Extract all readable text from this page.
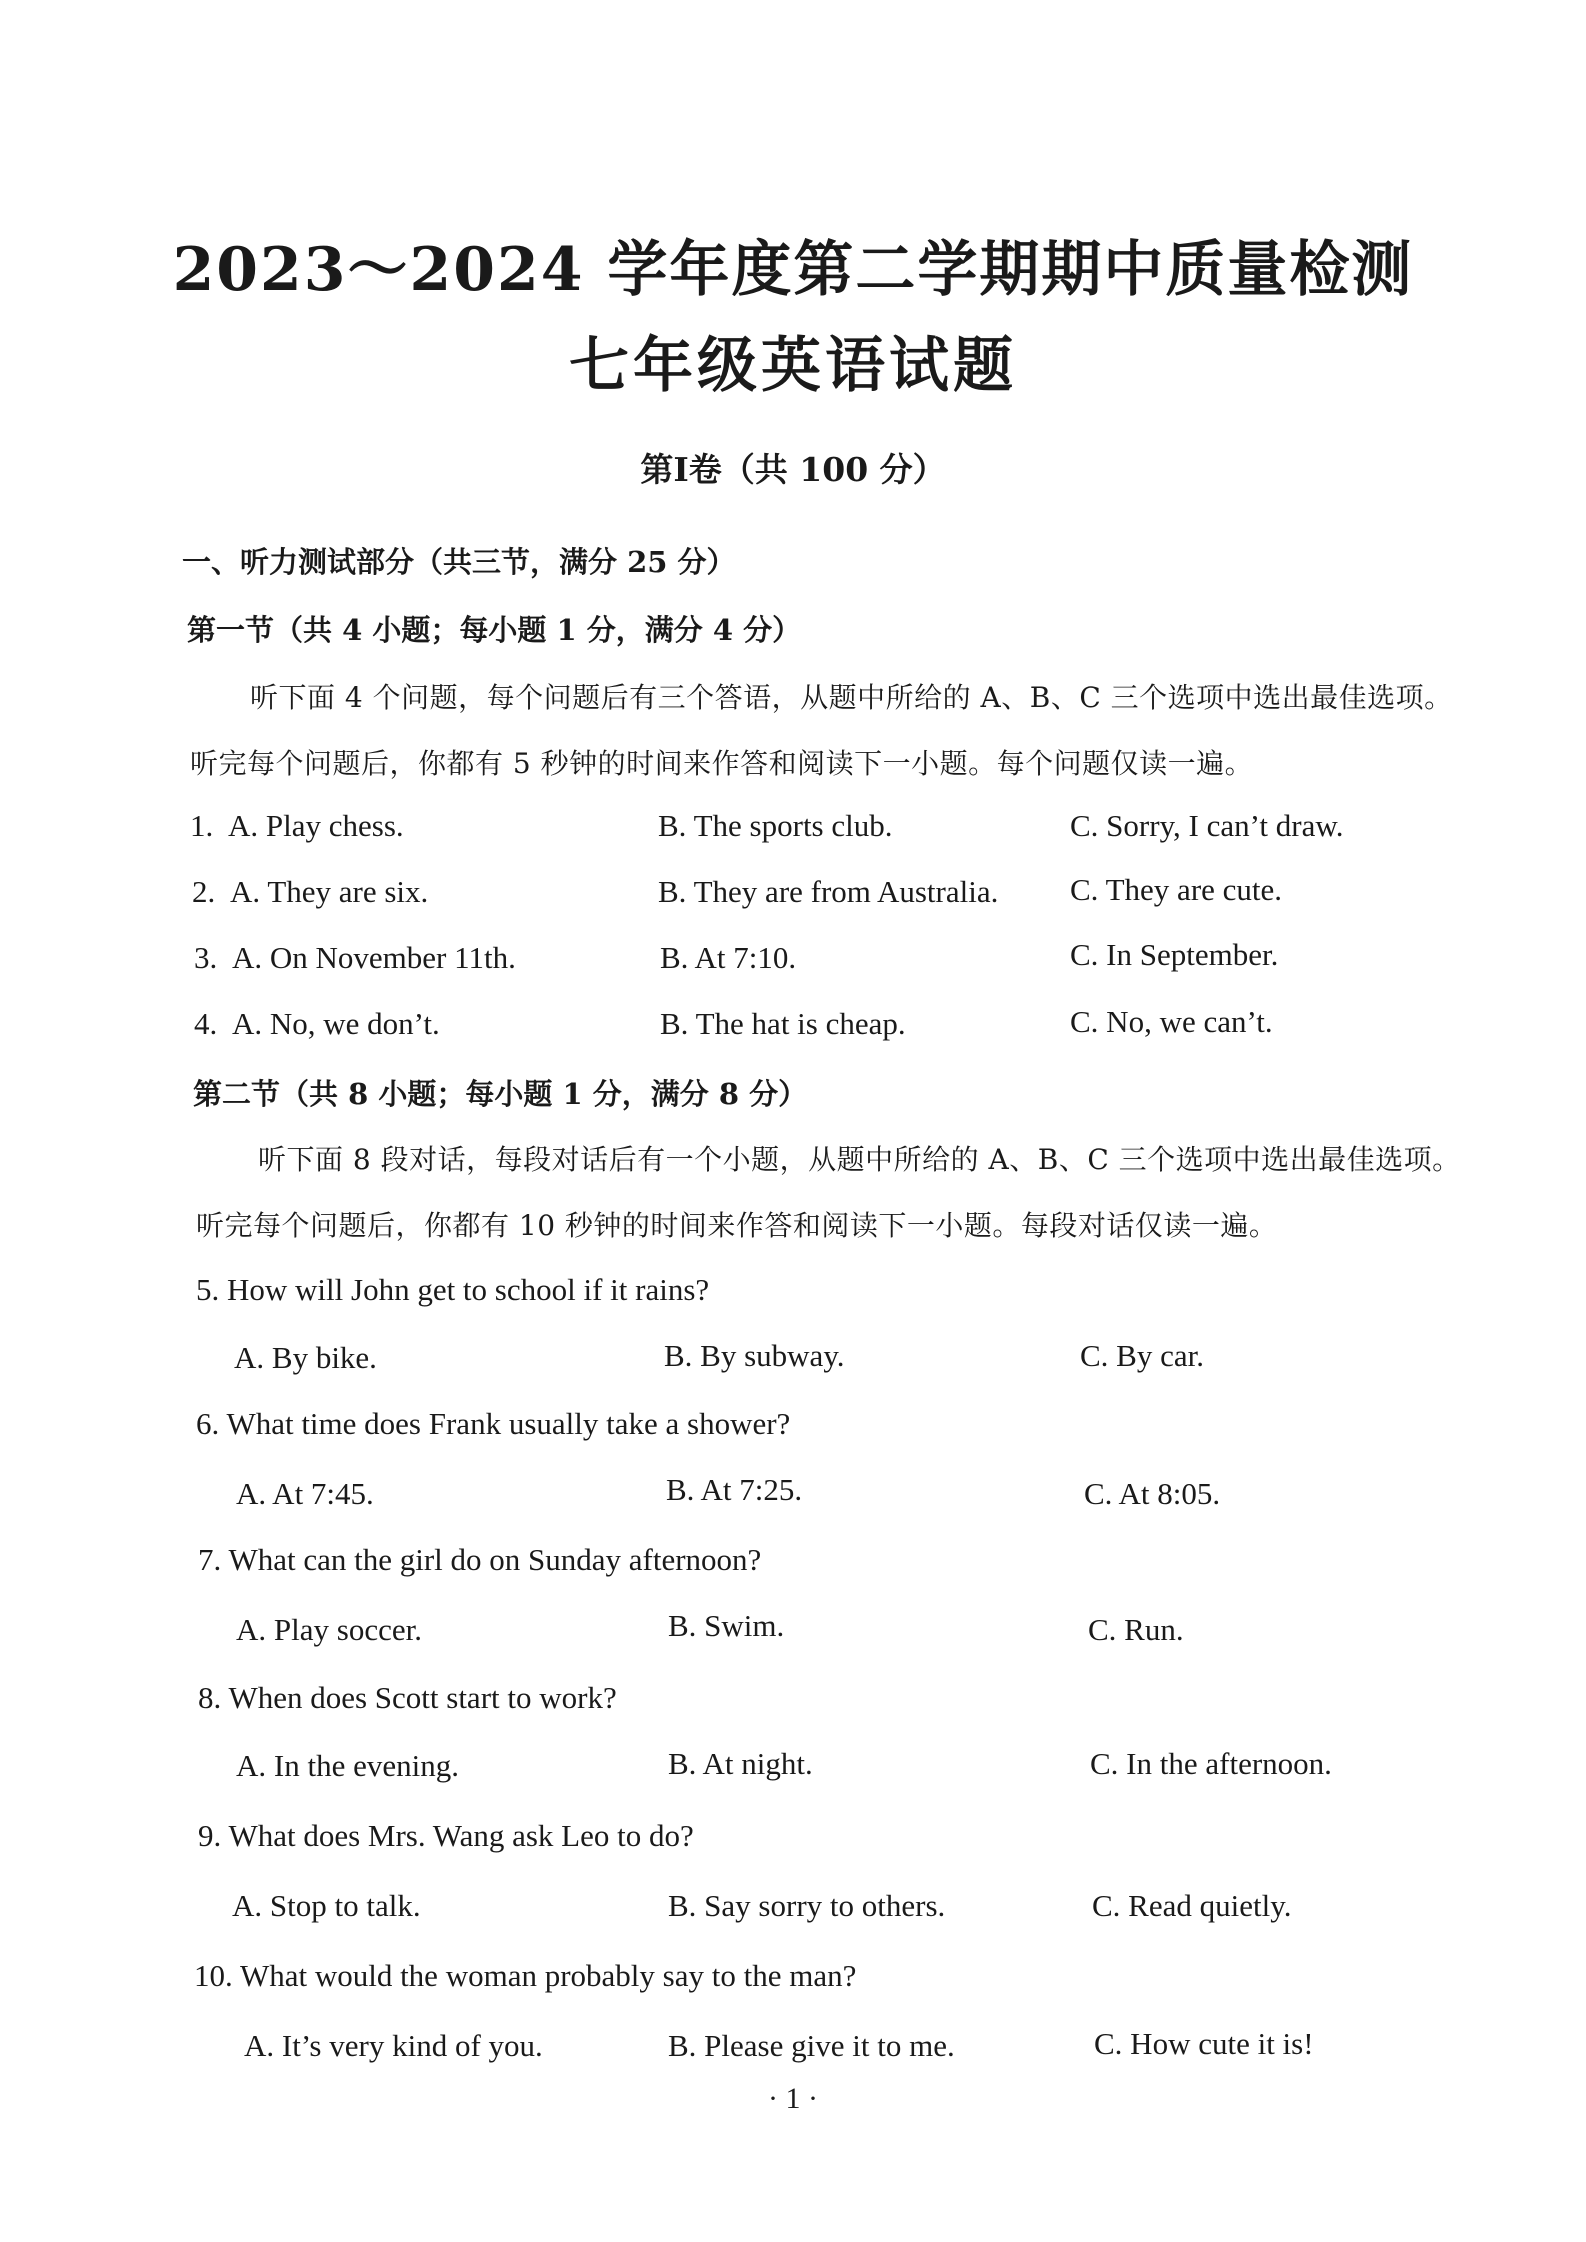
2023～2024 学年度第二学期期中质量检测
七年级英语试题
第Ⅰ卷（共 100 分）
一、听力测试部分（共三节，满分 25 分）
第一节（共 4 小题；每小题 1 分，满分 4 分）
听下面 4 个问题，每个问题后有三个答语，从题中所给的 A、B、C 三个选项中选出最佳选项。
听完每个问题后，你都有 5 秒钟的时间来作答和阅读下一小题。每个问题仅读一遍。
1. A. Play chess.	B. The sports club.	C. Sorry, I can’t draw.
2. A. They are six.	B. They are from Australia. C. They are cute.
3. A. On November 11th.	B. At 7:10.	C. In September.
4. A. No, we don’t.	B. The hat is cheap.	C. No, we can’t.
第二节（共 8 小题；每小题 1 分，满分 8 分）
听下面 8 段对话，每段对话后有一个小题，从题中所给的 A、B、C 三个选项中选出最佳选项。
听完每个问题后，你都有 10 秒钟的时间来作答和阅读下一小题。每段对话仅读一遍。
5. How will John get to school if it rains?
A. By bike.	B. By subway.	C. By car.
6. What time does Frank usually take a shower?
A. At 7:45.	B. At 7:25.	C. At 8:05.
7. What can the girl do on Sunday afternoon?
A. Play soccer.	B. Swim.	C. Run.
8. When does Scott start to work?
A. In the evening.	B. At night.	C. In the afternoon.
9. What does Mrs. Wang ask Leo to do?
A. Stop to talk.	B. Say sorry to others.	C. Read quietly.
10. What would the woman probably say to the man?
A. It’s very kind of you.	B. Please give it to me.	C. How cute it is!
· 1 ·
